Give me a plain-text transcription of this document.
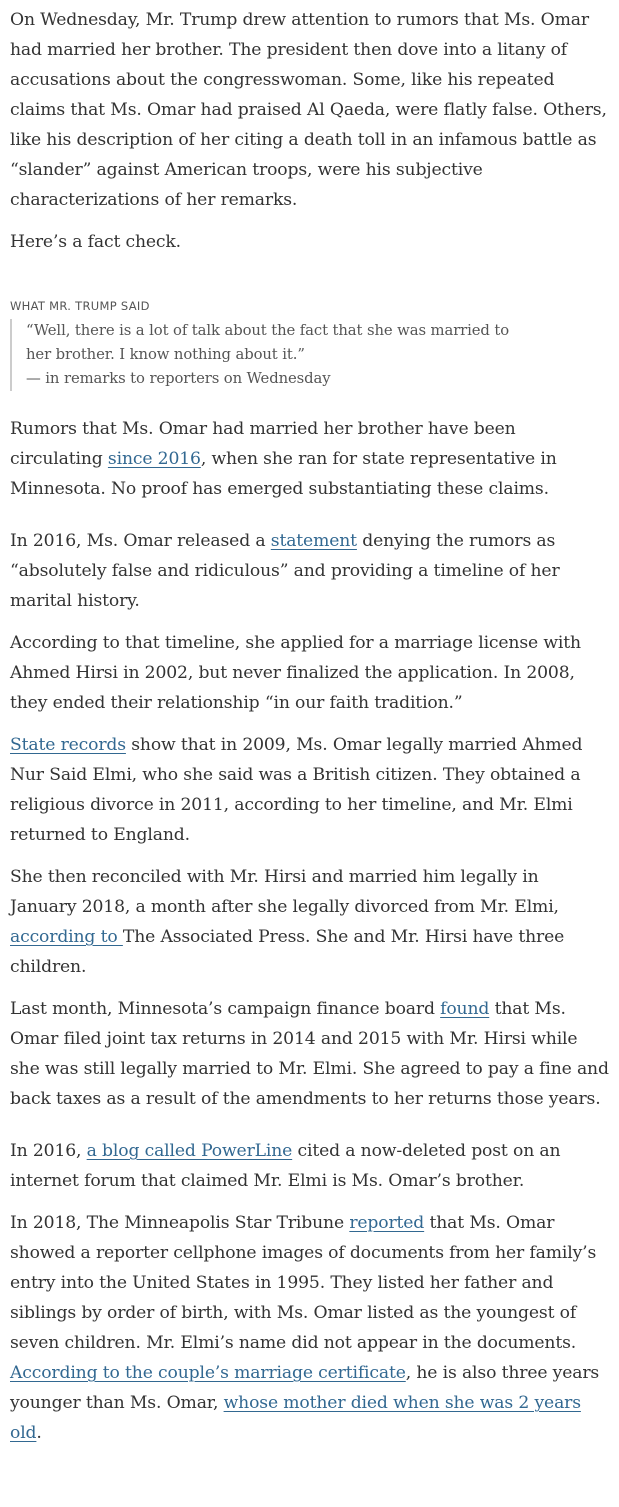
On Wednesday, Mr. Trump drew attention to rumors that Ms. Omar had married her brother. The president then dove into a litany of accusations about the congresswoman. Some, like his repeated claims that Ms. Omar had praised Al Qaeda, were flatly false. Others, like his description of her citing a death toll in an infamous battle as “slander” against American troops, were his subjective characterizations of her remarks.

Here’s a fact check.

WHAT MR. TRUMP SAID

“Well, there is a lot of talk about the fact that she was married to

her brother. I know nothing about it.”

— in remarks to reporters on Wednesday

Rumors that Ms. Omar had married her brother have been circulating since 2016, when she ran for state representative in Minnesota. No proof has emerged substantiating these claims.

In 2016, Ms. Omar released a statement denying the rumors as “absolutely false and ridiculous” and providing a timeline of her marital history.

According to that timeline, she applied for a marriage license with Ahmed Hirsi in 2002, but never finalized the application. In 2008, they ended their relationship “in our faith tradition.”

State records show that in 2009, Ms. Omar legally married Ahmed Nur Said Elmi, who she said was a British citizen. They obtained a religious divorce in 2011, according to her timeline, and Mr. Elmi returned to England.

She then reconciled with Mr. Hirsi and married him legally in January 2018, a month after she legally divorced from Mr. Elmi, according to The Associated Press. She and Mr. Hirsi have three children.

Last month, Minnesota’s campaign finance board found that Ms. Omar filed joint tax returns in 2014 and 2015 with Mr. Hirsi while she was still legally married to Mr. Elmi. She agreed to pay a fine and back taxes as a result of the amendments to her returns those years.

In 2016, a blog called PowerLine cited a now-deleted post on an internet forum that claimed Mr. Elmi is Ms. Omar’s brother.

In 2018, The Minneapolis Star Tribune reported that Ms. Omar showed a reporter cellphone images of documents from her family’s entry into the United States in 1995. They listed her father and siblings by order of birth, with Ms. Omar listed as the youngest of seven children. Mr. Elmi’s name did not appear in the documents. According to the couple’s marriage certificate, he is also three years younger than Ms. Omar, whose mother died when she was 2 years old.
